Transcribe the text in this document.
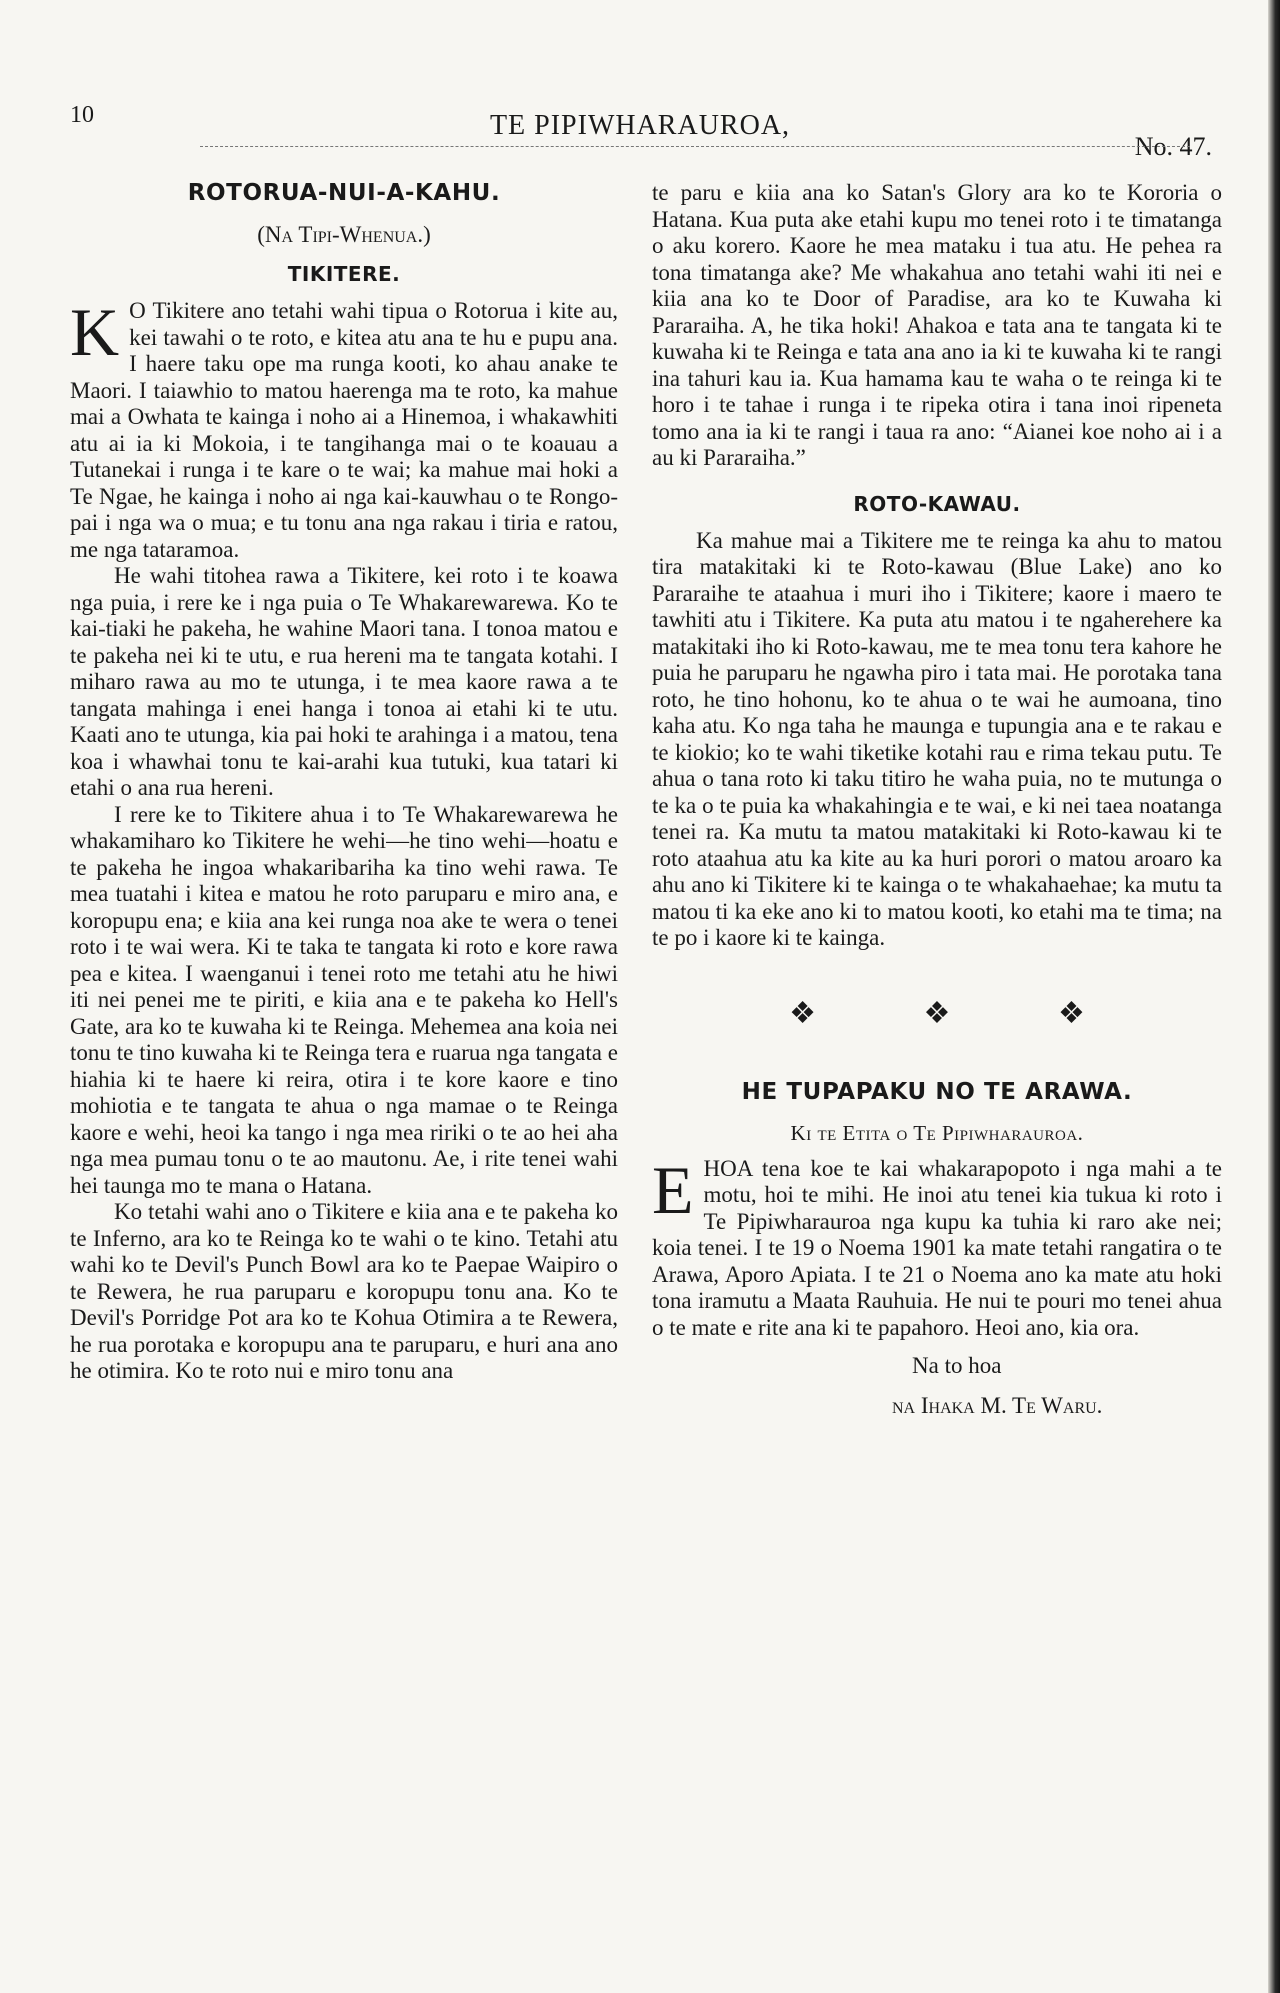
10	TE PIPIWHARAUROA,
No. 47.
ROTORUA-NUI-A-KAHU.
(Na Tipi-Whenua.)
TIKITERE.

K O Tikitere ano tetahi wahi tipua o Rotorua i kite au, kei tawahi o te roto, e kitea atu ana te hu e pupu ana. I haere taku ope ma runga kooti, ko ahau anake te Maori. I taiawhio to matou haerenga ma te roto, ka mahue mai a Owhata te kainga i noho ai a Hinemoa, i whakawhiti atu ai ia ki Mokoia, i te tangihanga mai o te koauau a Tutanekai i runga i te kare o te wai; ka mahue mai hoki a Te Ngae, he kainga i noho ai nga kai-kauwhau o te Rongo-pai i nga wa o mua; e tu tonu ana nga rakau i tiria e ratou, me nga tataramoa.

He wahi titohea rawa a Tikitere, kei roto i te koawa nga puia, i rere ke i nga puia o Te Whakarewarewa. Ko te kai-tiaki he pakeha, he wahine Maori tana. I tonoa matou e te pakeha nei ki te utu, e rua hereni ma te tangata kotahi. I miharo rawa au mo te utunga, i te mea kaore rawa a te tangata mahinga i enei hanga i tonoa ai etahi ki te utu. Kaati ano te utunga, kia pai hoki te arahinga i a matou, tena koa i whawhai tonu te kai-arahi kua tutuki, kua tatari ki etahi o ana rua hereni.

I rere ke to Tikitere ahua i to Te Whakarewarewa he whakamiharo ko Tikitere he wehi—he tino wehi—hoatu e te pakeha he ingoa whakaribariha ka tino wehi rawa. Te mea tuatahi i kitea e matou he roto paruparu e miro ana, e koropupu ena; e kiia ana kei runga noa ake te wera o tenei roto i te wai wera. Ki te taka te tangata ki roto e kore rawa pea e kitea. I waenganui i tenei roto me tetahi atu he hiwi iti nei penei me te piriti, e kiia ana e te pakeha ko Hell's Gate, ara ko te kuwaha ki te Reinga. Mehemea ana koia nei tonu te tino kuwaha ki te Reinga tera e ruarua nga tangata e hiahia ki te haere ki reira, otira i te kore kaore e tino mohiotia e te tangata te ahua o nga mamae o te Reinga kaore e wehi, heoi ka tango i nga mea ririki o te ao hei aha nga mea pumau tonu o te ao mautonu. Ae, i rite tenei wahi hei taunga mo te mana o Hatana.

Ko tetahi wahi ano o Tikitere e kiia ana e te pakeha ko te Inferno, ara ko te Reinga ko te wahi o te kino. Tetahi atu wahi ko te Devil's Punch Bowl ara ko te Paepae Waipiro o te Rewera, he rua paruparu e koropupu tonu ana. Ko te Devil's Porridge Pot ara ko te Kohua Otimira a te Rewera, he rua porotaka e koropupu ana te paruparu, e huri ana ano he otimira. Ko te roto nui e miro tonu ana

te paru e kiia ana ko Satan's Glory ara ko te Kororia o Hatana. Kua puta ake etahi kupu mo tenei roto i te timatanga o aku korero. Kaore he mea mataku i tua atu. He pehea ra tona timatanga ake? Me whakahua ano tetahi wahi iti nei e kiia ana ko te Door of Paradise, ara ko te Kuwaha ki Pararaiha. A, he tika hoki! Ahakoa e tata ana te tangata ki te kuwaha ki te Reinga e tata ana ano ia ki te kuwaha ki te rangi ina tahuri kau ia. Kua hamama kau te waha o te reinga ki te horo i te tahae i runga i te ripeka otira i tana inoi ripeneta tomo ana ia ki te rangi i taua ra ano: “Aianei koe noho ai i a au ki Pararaiha.”

ROTO-KAWAU.

Ka mahue mai a Tikitere me te reinga ka ahu to matou tira matakitaki ki te Roto-kawau (Blue Lake) ano ko Pararaihe te ataahua i muri iho i Tikitere; kaore i maero te tawhiti atu i Tikitere. Ka puta atu matou i te ngaherehere ka matakitaki iho ki Roto-kawau, me te mea tonu tera kahore he puia he paruparu he ngawha piro i tata mai. He porotaka tana roto, he tino hohonu, ko te ahua o te wai he aumoana, tino kaha atu. Ko nga taha he maunga e tupungia ana e te rakau e te kiokio; ko te wahi tiketike kotahi rau e rima tekau putu. Te ahua o tana roto ki taku titiro he waha puia, no te mutunga o te ka o te puia ka whakahingia e te wai, e ki nei taea noatanga tenei ra. Ka mutu ta matou matakitaki ki Roto-kawau ki te roto ataahua atu ka kite au ka huri porori o matou aroaro ka ahu ano ki Tikitere ki te kainga o te whakahaehae; ka mutu ta matou ti ka eke ano ki to matou kooti, ko etahi ma te tima; na te po i kaore ki te kainga.

❖ ❖ ❖
HE TUPAPAKU NO TE ARAWA.
Ki te Etita o Te Pipiwharauroa.

EHOA tena koe te kai whakarapopoto i nga mahi a te motu, hoi te mihi. He inoi atu tenei kia tukua ki roto i Te Pipiwharauroa nga kupu ka tuhia ki raro ake nei; koia tenei. I te 19 o Noema 1901 ka mate tetahi rangatira o te Arawa, Aporo Apiata. I te 21 o Noema ano ka mate atu hoki tona iramutu a Maata Rauhuia. He nui te pouri mo tenei ahua o te mate e rite ana ki te papahoro. Heoi ano, kia ora.

Na to hoa
na Ihaka M. Te Waru.
